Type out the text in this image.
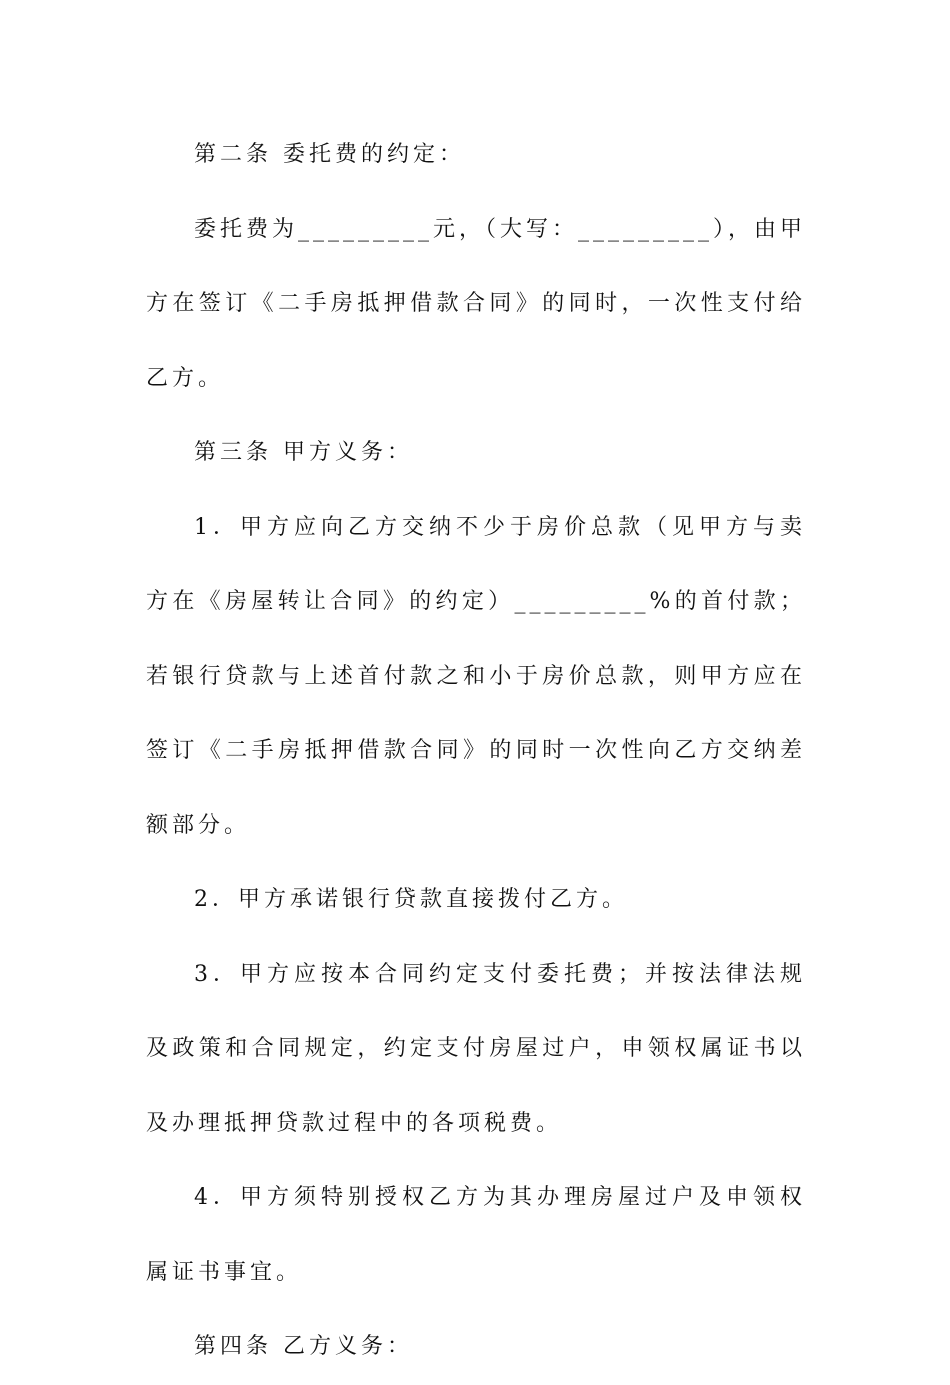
第二条 委托费的约定：

委托费为_________元，（大写：_________），由甲方在签订《二手房抵押借款合同》的同时，一次性支付给乙方。

第三条 甲方义务：

1．甲方应向乙方交纳不少于房价总款（见甲方与卖方在《房屋转让合同》的约定）_________%的首付款；若银行贷款与上述首付款之和小于房价总款，则甲方应在签订《二手房抵押借款合同》的同时一次性向乙方交纳差额部分。

2．甲方承诺银行贷款直接拨付乙方。

3．甲方应按本合同约定支付委托费；并按法律法规及政策和合同规定，约定支付房屋过户，申领权属证书以及办理抵押贷款过程中的各项税费。

4．甲方须特别授权乙方为其办理房屋过户及申领权属证书事宜。

第四条 乙方义务：
